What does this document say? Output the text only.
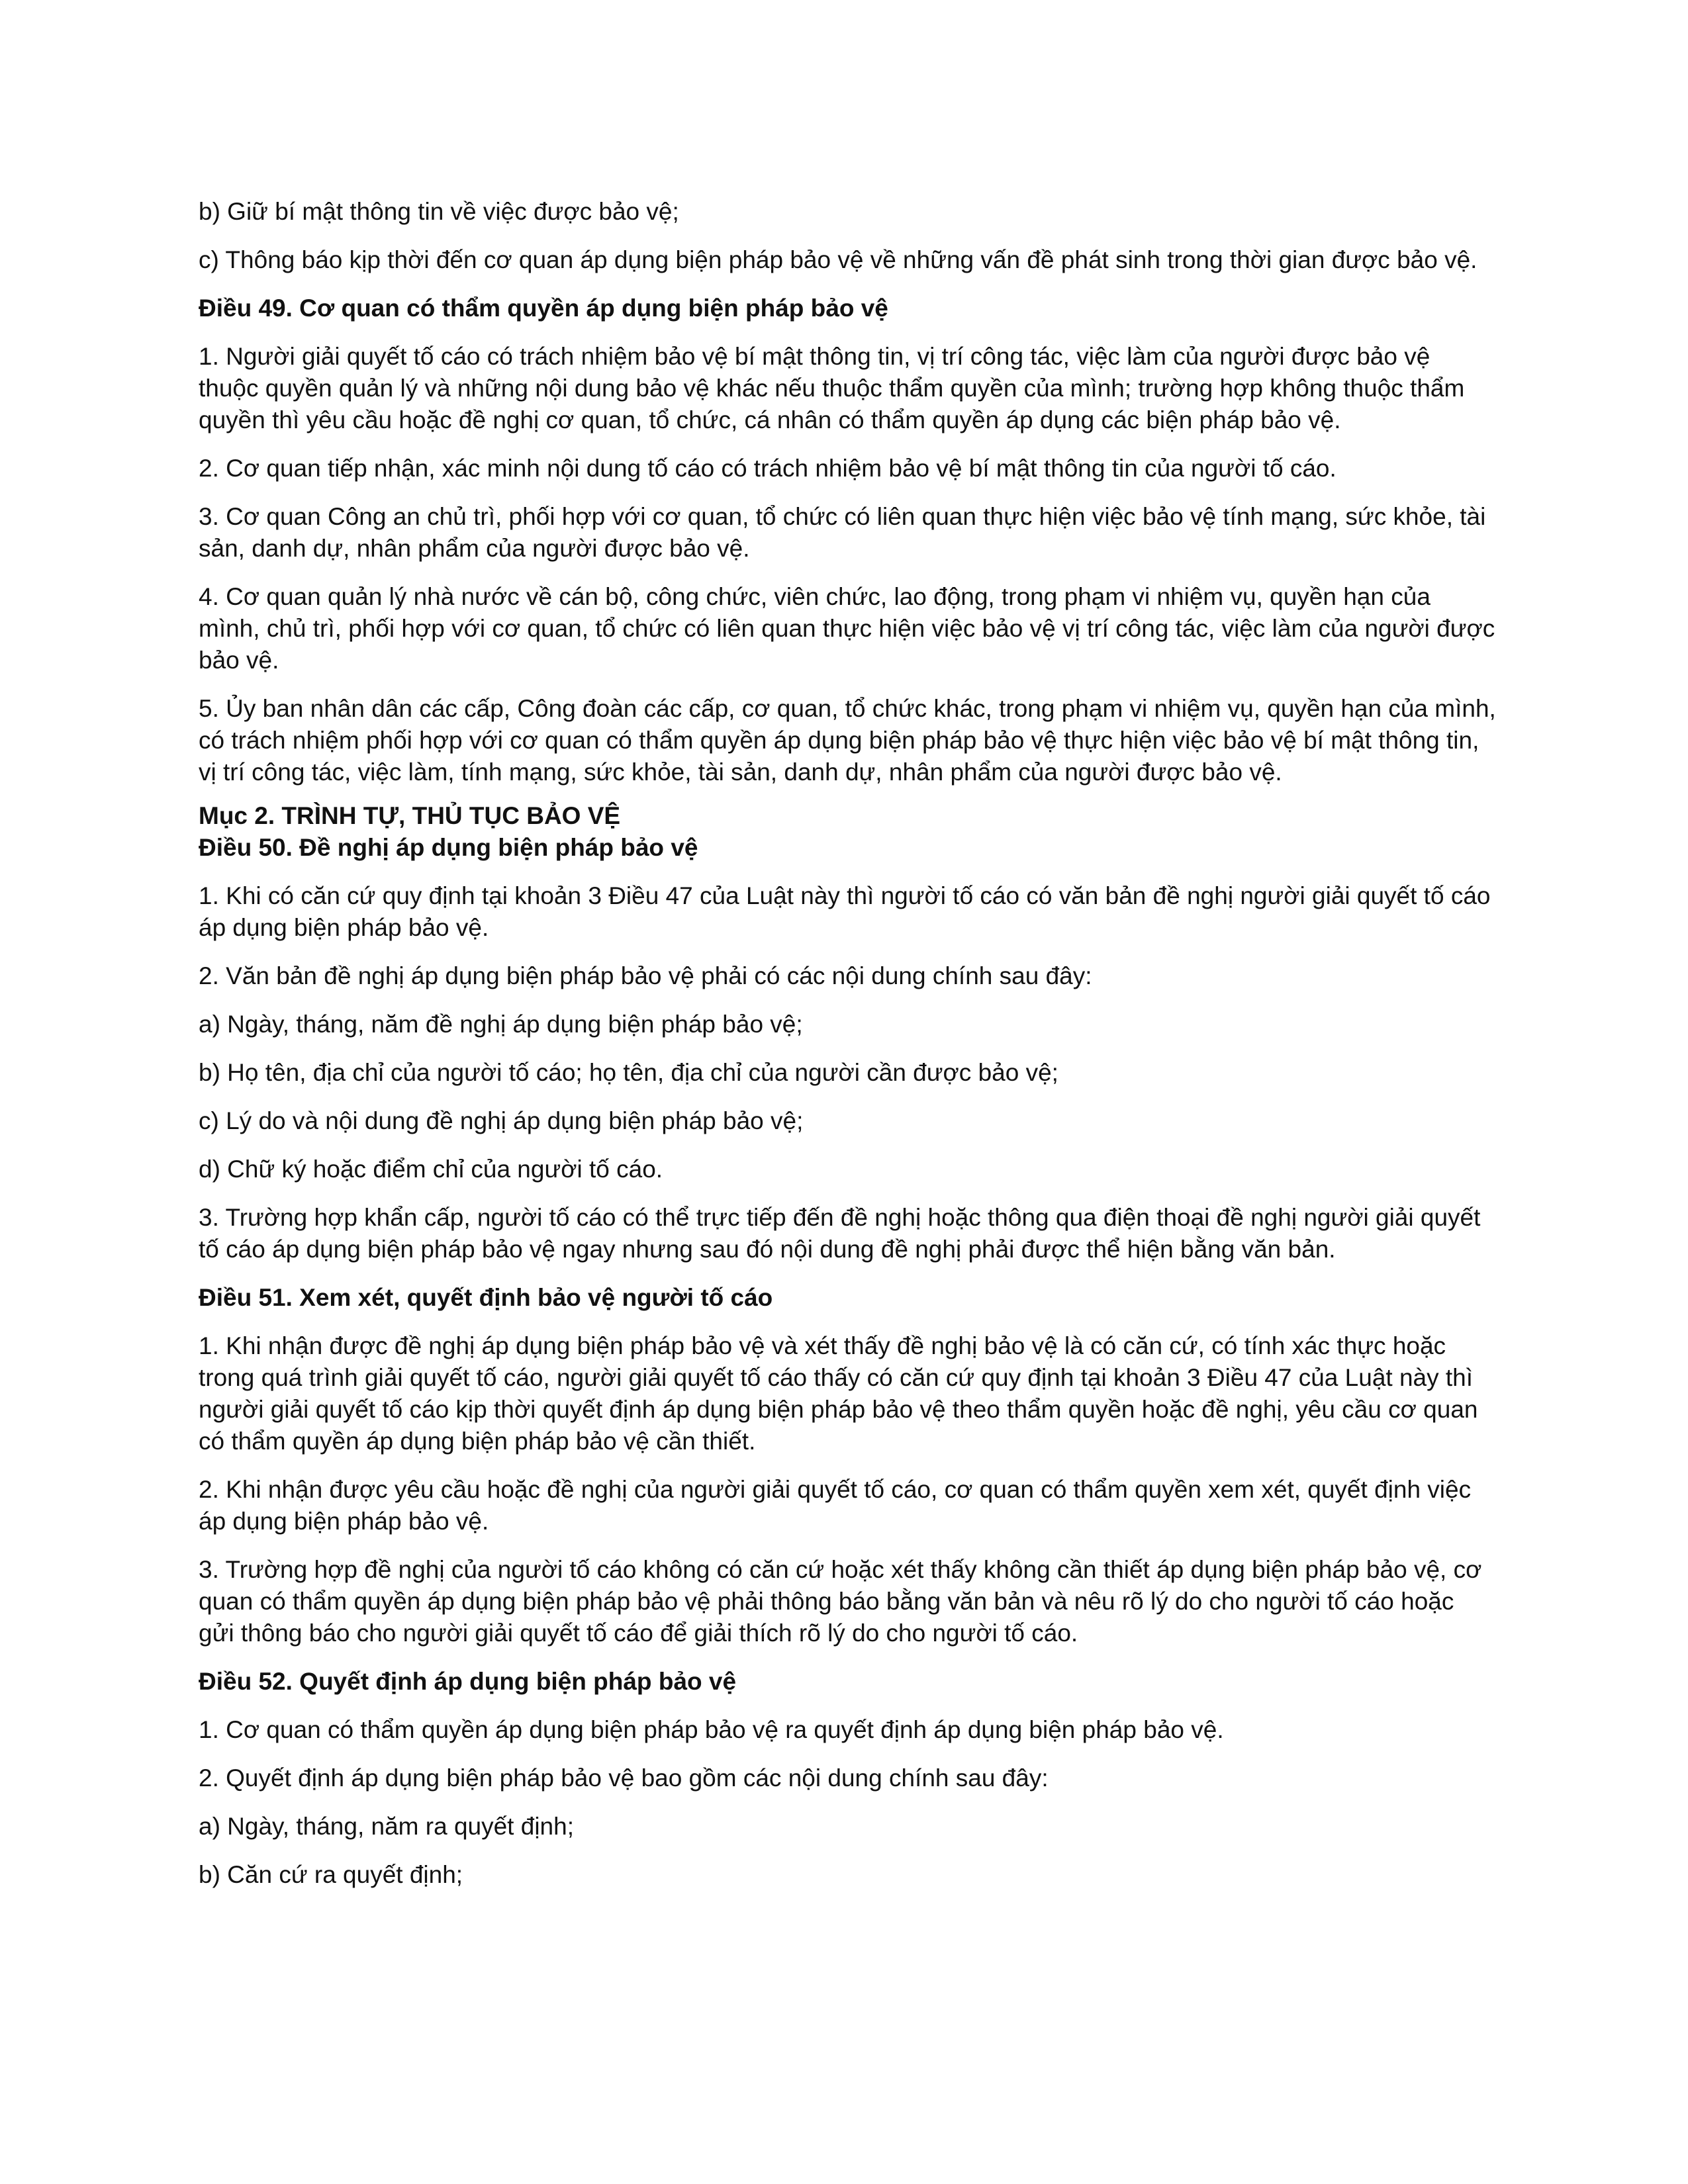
b) Giữ bí mật thông tin về việc được bảo vệ;

c) Thông báo kịp thời đến cơ quan áp dụng biện pháp bảo vệ về những vấn đề phát sinh trong thời gian được bảo vệ.

Điều 49. Cơ quan có thẩm quyền áp dụng biện pháp bảo vệ

1. Người giải quyết tố cáo có trách nhiệm bảo vệ bí mật thông tin, vị trí công tác, việc làm của người được bảo vệ thuộc quyền quản lý và những nội dung bảo vệ khác nếu thuộc thẩm quyền của mình; trường hợp không thuộc thẩm quyền thì yêu cầu hoặc đề nghị cơ quan, tổ chức, cá nhân có thẩm quyền áp dụng các biện pháp bảo vệ.

2. Cơ quan tiếp nhận, xác minh nội dung tố cáo có trách nhiệm bảo vệ bí mật thông tin của người tố cáo.

3. Cơ quan Công an chủ trì, phối hợp với cơ quan, tổ chức có liên quan thực hiện việc bảo vệ tính mạng, sức khỏe, tài sản, danh dự, nhân phẩm của người được bảo vệ.

4. Cơ quan quản lý nhà nước về cán bộ, công chức, viên chức, lao động, trong phạm vi nhiệm vụ, quyền hạn của mình, chủ trì, phối hợp với cơ quan, tổ chức có liên quan thực hiện việc bảo vệ vị trí công tác, việc làm của người được bảo vệ.

5. Ủy ban nhân dân các cấp, Công đoàn các cấp, cơ quan, tổ chức khác, trong phạm vi nhiệm vụ, quyền hạn của mình, có trách nhiệm phối hợp với cơ quan có thẩm quyền áp dụng biện pháp bảo vệ thực hiện việc bảo vệ bí mật thông tin, vị trí công tác, việc làm, tính mạng, sức khỏe, tài sản, danh dự, nhân phẩm của người được bảo vệ.

Mục 2. TRÌNH TỰ, THỦ TỤC BẢO VỆ

Điều 50. Đề nghị áp dụng biện pháp bảo vệ

1. Khi có căn cứ quy định tại khoản 3 Điều 47 của Luật này thì người tố cáo có văn bản đề nghị người giải quyết tố cáo áp dụng biện pháp bảo vệ.

2. Văn bản đề nghị áp dụng biện pháp bảo vệ phải có các nội dung chính sau đây:

a) Ngày, tháng, năm đề nghị áp dụng biện pháp bảo vệ;

b) Họ tên, địa chỉ của người tố cáo; họ tên, địa chỉ của người cần được bảo vệ;

c) Lý do và nội dung đề nghị áp dụng biện pháp bảo vệ;

d) Chữ ký hoặc điểm chỉ của người tố cáo.

3. Trường hợp khẩn cấp, người tố cáo có thể trực tiếp đến đề nghị hoặc thông qua điện thoại đề nghị người giải quyết tố cáo áp dụng biện pháp bảo vệ ngay nhưng sau đó nội dung đề nghị phải được thể hiện bằng văn bản.

Điều 51. Xem xét, quyết định bảo vệ người tố cáo

1. Khi nhận được đề nghị áp dụng biện pháp bảo vệ và xét thấy đề nghị bảo vệ là có căn cứ, có tính xác thực hoặc trong quá trình giải quyết tố cáo, người giải quyết tố cáo thấy có căn cứ quy định tại khoản 3 Điều 47 của Luật này thì người giải quyết tố cáo kịp thời quyết định áp dụng biện pháp bảo vệ theo thẩm quyền hoặc đề nghị, yêu cầu cơ quan có thẩm quyền áp dụng biện pháp bảo vệ cần thiết.

2. Khi nhận được yêu cầu hoặc đề nghị của người giải quyết tố cáo, cơ quan có thẩm quyền xem xét, quyết định việc áp dụng biện pháp bảo vệ.

3. Trường hợp đề nghị của người tố cáo không có căn cứ hoặc xét thấy không cần thiết áp dụng biện pháp bảo vệ, cơ quan có thẩm quyền áp dụng biện pháp bảo vệ phải thông báo bằng văn bản và nêu rõ lý do cho người tố cáo hoặc gửi thông báo cho người giải quyết tố cáo để giải thích rõ lý do cho người tố cáo.

Điều 52. Quyết định áp dụng biện pháp bảo vệ

1. Cơ quan có thẩm quyền áp dụng biện pháp bảo vệ ra quyết định áp dụng biện pháp bảo vệ.

2. Quyết định áp dụng biện pháp bảo vệ bao gồm các nội dung chính sau đây:

a) Ngày, tháng, năm ra quyết định;

b) Căn cứ ra quyết định;
